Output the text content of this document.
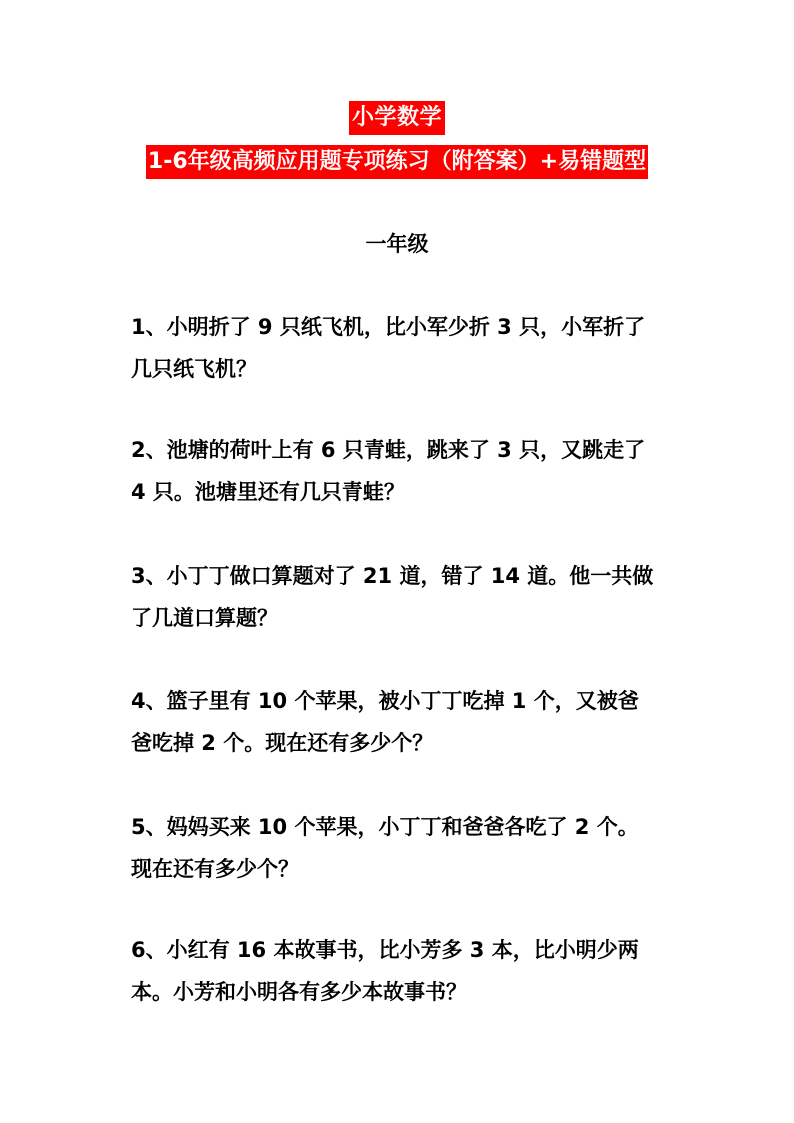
小学数学
1-6年级高频应用题专项练习（附答案）+易错题型
一年级
1、小明折了 9 只纸飞机，比小军少折 3 只，小军折了
几只纸飞机？
2、池塘的荷叶上有 6 只青蛙，跳来了 3 只，又跳走了
4 只。池塘里还有几只青蛙？
3、小丁丁做口算题对了 21 道，错了 14 道。他一共做
了几道口算题？
4、篮子里有 10 个苹果，被小丁丁吃掉 1 个，又被爸
爸吃掉 2 个。现在还有多少个？
5、妈妈买来 10 个苹果，小丁丁和爸爸各吃了 2 个。
现在还有多少个？
6、小红有 16 本故事书，比小芳多 3 本，比小明少两
本。小芳和小明各有多少本故事书？
